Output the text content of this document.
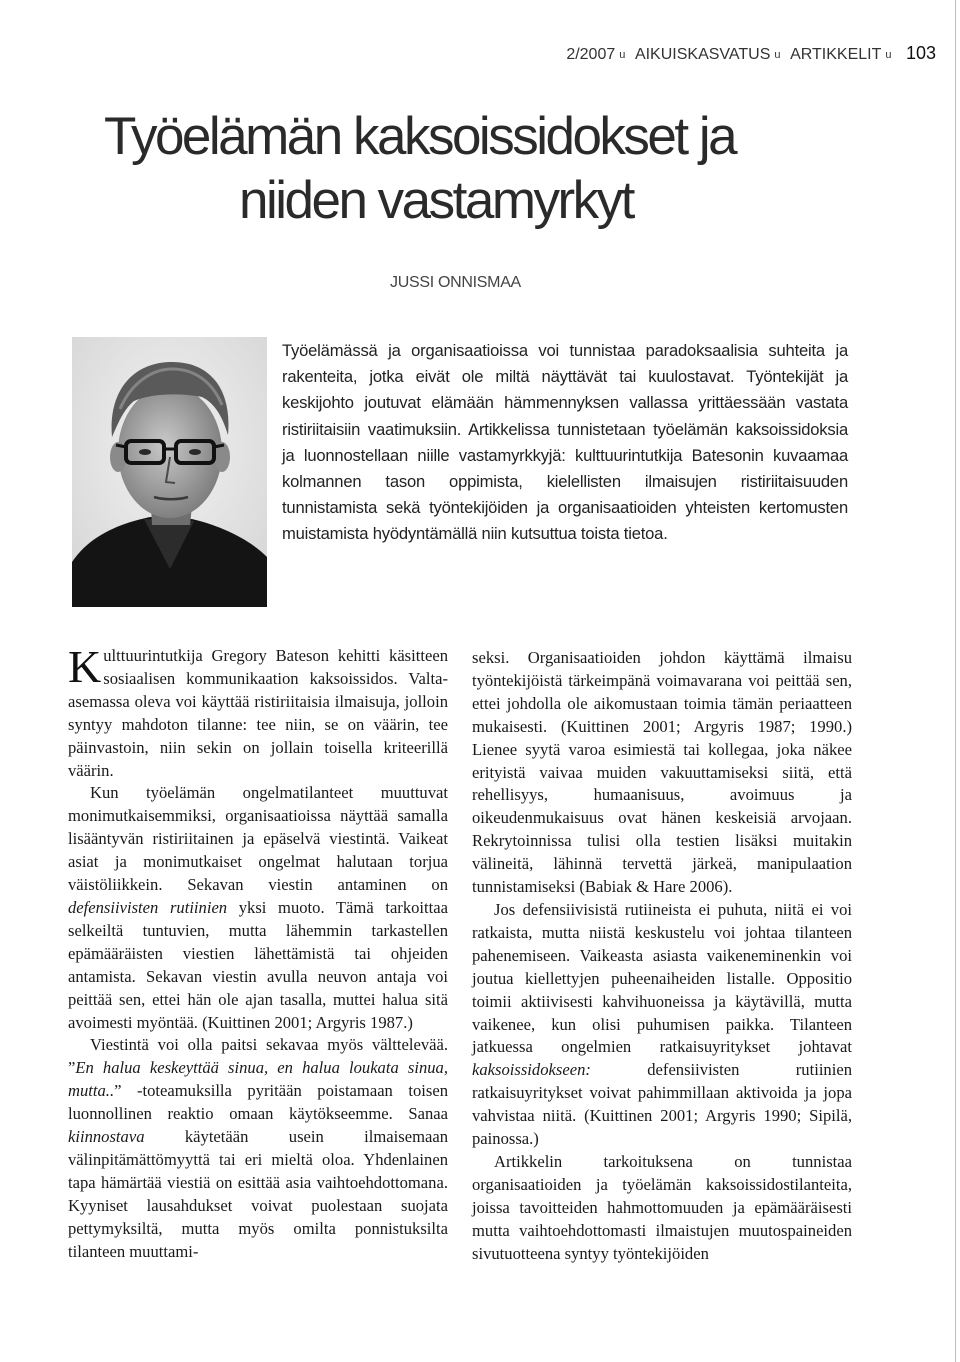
2/2007 u AIKUISKASVATUS u ARTIKKELIT u 103
Työelämän kaksoissidokset ja
niiden vastamyrkyt
JUSSI ONNISMAA

Työelämässä ja organisaatioissa voi tunnistaa paradoksaalisia suhteita ja rakenteita, jotka eivät ole miltä näyttävät tai kuulostavat. Työntekijät ja keskijohto joutuvat elämään hämmennyksen vallassa yrittäessään vastata ristiriitaisiin vaatimuksiin. Artikkelissa tunnistetaan työelämän kaksoissidoksia ja luonnostellaan niille vastamyrkkyjä: kulttuurintutkija Batesonin kuvaamaa kolmannen tason oppimista, kielellisten ilmaisujen ristiriitaisuuden tunnistamista sekä työntekijöiden ja organisaatioiden yhteisten kertomusten muistamista hyödyntämällä niin kutsuttua toista tietoa.

Kulttuurintutkija Gregory Bateson kehitti käsitteen sosiaalisen kommunikaation kaksoissidos. Valta-asemassa oleva voi käyttää ristiriitaisia ilmaisuja, jolloin syntyy mahdoton tilanne: tee niin, se on väärin, tee päinvastoin, niin sekin on jollain toisella kriteerillä väärin.

Kun työelämän ongelmatilanteet muuttuvat monimutkaisemmiksi, organisaatioissa näyttää samalla lisääntyvän ristiriitainen ja epäselvä viestintä. Vaikeat asiat ja monimutkaiset ongelmat halutaan torjua väistöliikkein. Sekavan viestin antaminen on defensiivisten rutiinien yksi muoto. Tämä tarkoittaa selkeiltä tuntuvien, mutta lähemmin tarkastellen epämääräisten viestien lähettämistä tai ohjeiden antamista. Sekavan viestin avulla neuvon antaja voi peittää sen, ettei hän ole ajan tasalla, muttei halua sitä avoimesti myöntää. (Kuittinen 2001; Argyris 1987.)

Viestintä voi olla paitsi sekavaa myös välttelevää. ”En halua keskeyttää sinua, en halua loukata sinua, mutta..” -toteamuksilla pyritään poistamaan toisen luonnollinen reaktio omaan käytökseemme. Sanaa kiinnostava käytetään usein ilmaisemaan välinpitämättömyyttä tai eri mieltä oloa. Yhdenlainen tapa hämärtää viestiä on esittää asia vaihtoehdottomana. Kyyniset lausahdukset voivat puolestaan suojata pettymyksiltä, mutta myös omilta ponnistuksilta tilanteen muuttami-

seksi. Organisaatioiden johdon käyttämä ilmaisu työntekijöistä tärkeimpänä voimavarana voi peittää sen, ettei johdolla ole aikomustaan toimia tämän periaatteen mukaisesti. (Kuittinen 2001; Argyris 1987; 1990.) Lienee syytä varoa esimiestä tai kollegaa, joka näkee erityistä vaivaa muiden vakuuttamiseksi siitä, että rehellisyys, humaanisuus, avoimuus ja oikeudenmukaisuus ovat hänen keskeisiä arvojaan. Rekrytoinnissa tulisi olla testien lisäksi muitakin välineitä, lähinnä tervettä järkeä, manipulaation tunnistamiseksi (Babiak & Hare 2006).

Jos defensiivisistä rutiineista ei puhuta, niitä ei voi ratkaista, mutta niistä keskustelu voi johtaa tilanteen pahenemiseen. Vaikeasta asiasta vaikeneminenkin voi joutua kiellettyjen puheenaiheiden listalle. Oppositio toimii aktiivisesti kahvihuoneissa ja käytävillä, mutta vaikenee, kun olisi puhumisen paikka. Tilanteen jatkuessa ongelmien ratkaisuyritykset johtavat kaksoissidokseen: defensiivisten rutiinien ratkaisuyritykset voivat pahimmillaan aktivoida ja jopa vahvistaa niitä. (Kuittinen 2001; Argyris 1990; Sipilä, painossa.)

Artikkelin tarkoituksena on tunnistaa organisaatioiden ja työelämän kaksoissidostilanteita, joissa tavoitteiden hahmottomuuden ja epämääräisesti mutta vaihtoehdottomasti ilmaistujen muutospaineiden sivutuotteena syntyy työntekijöiden
